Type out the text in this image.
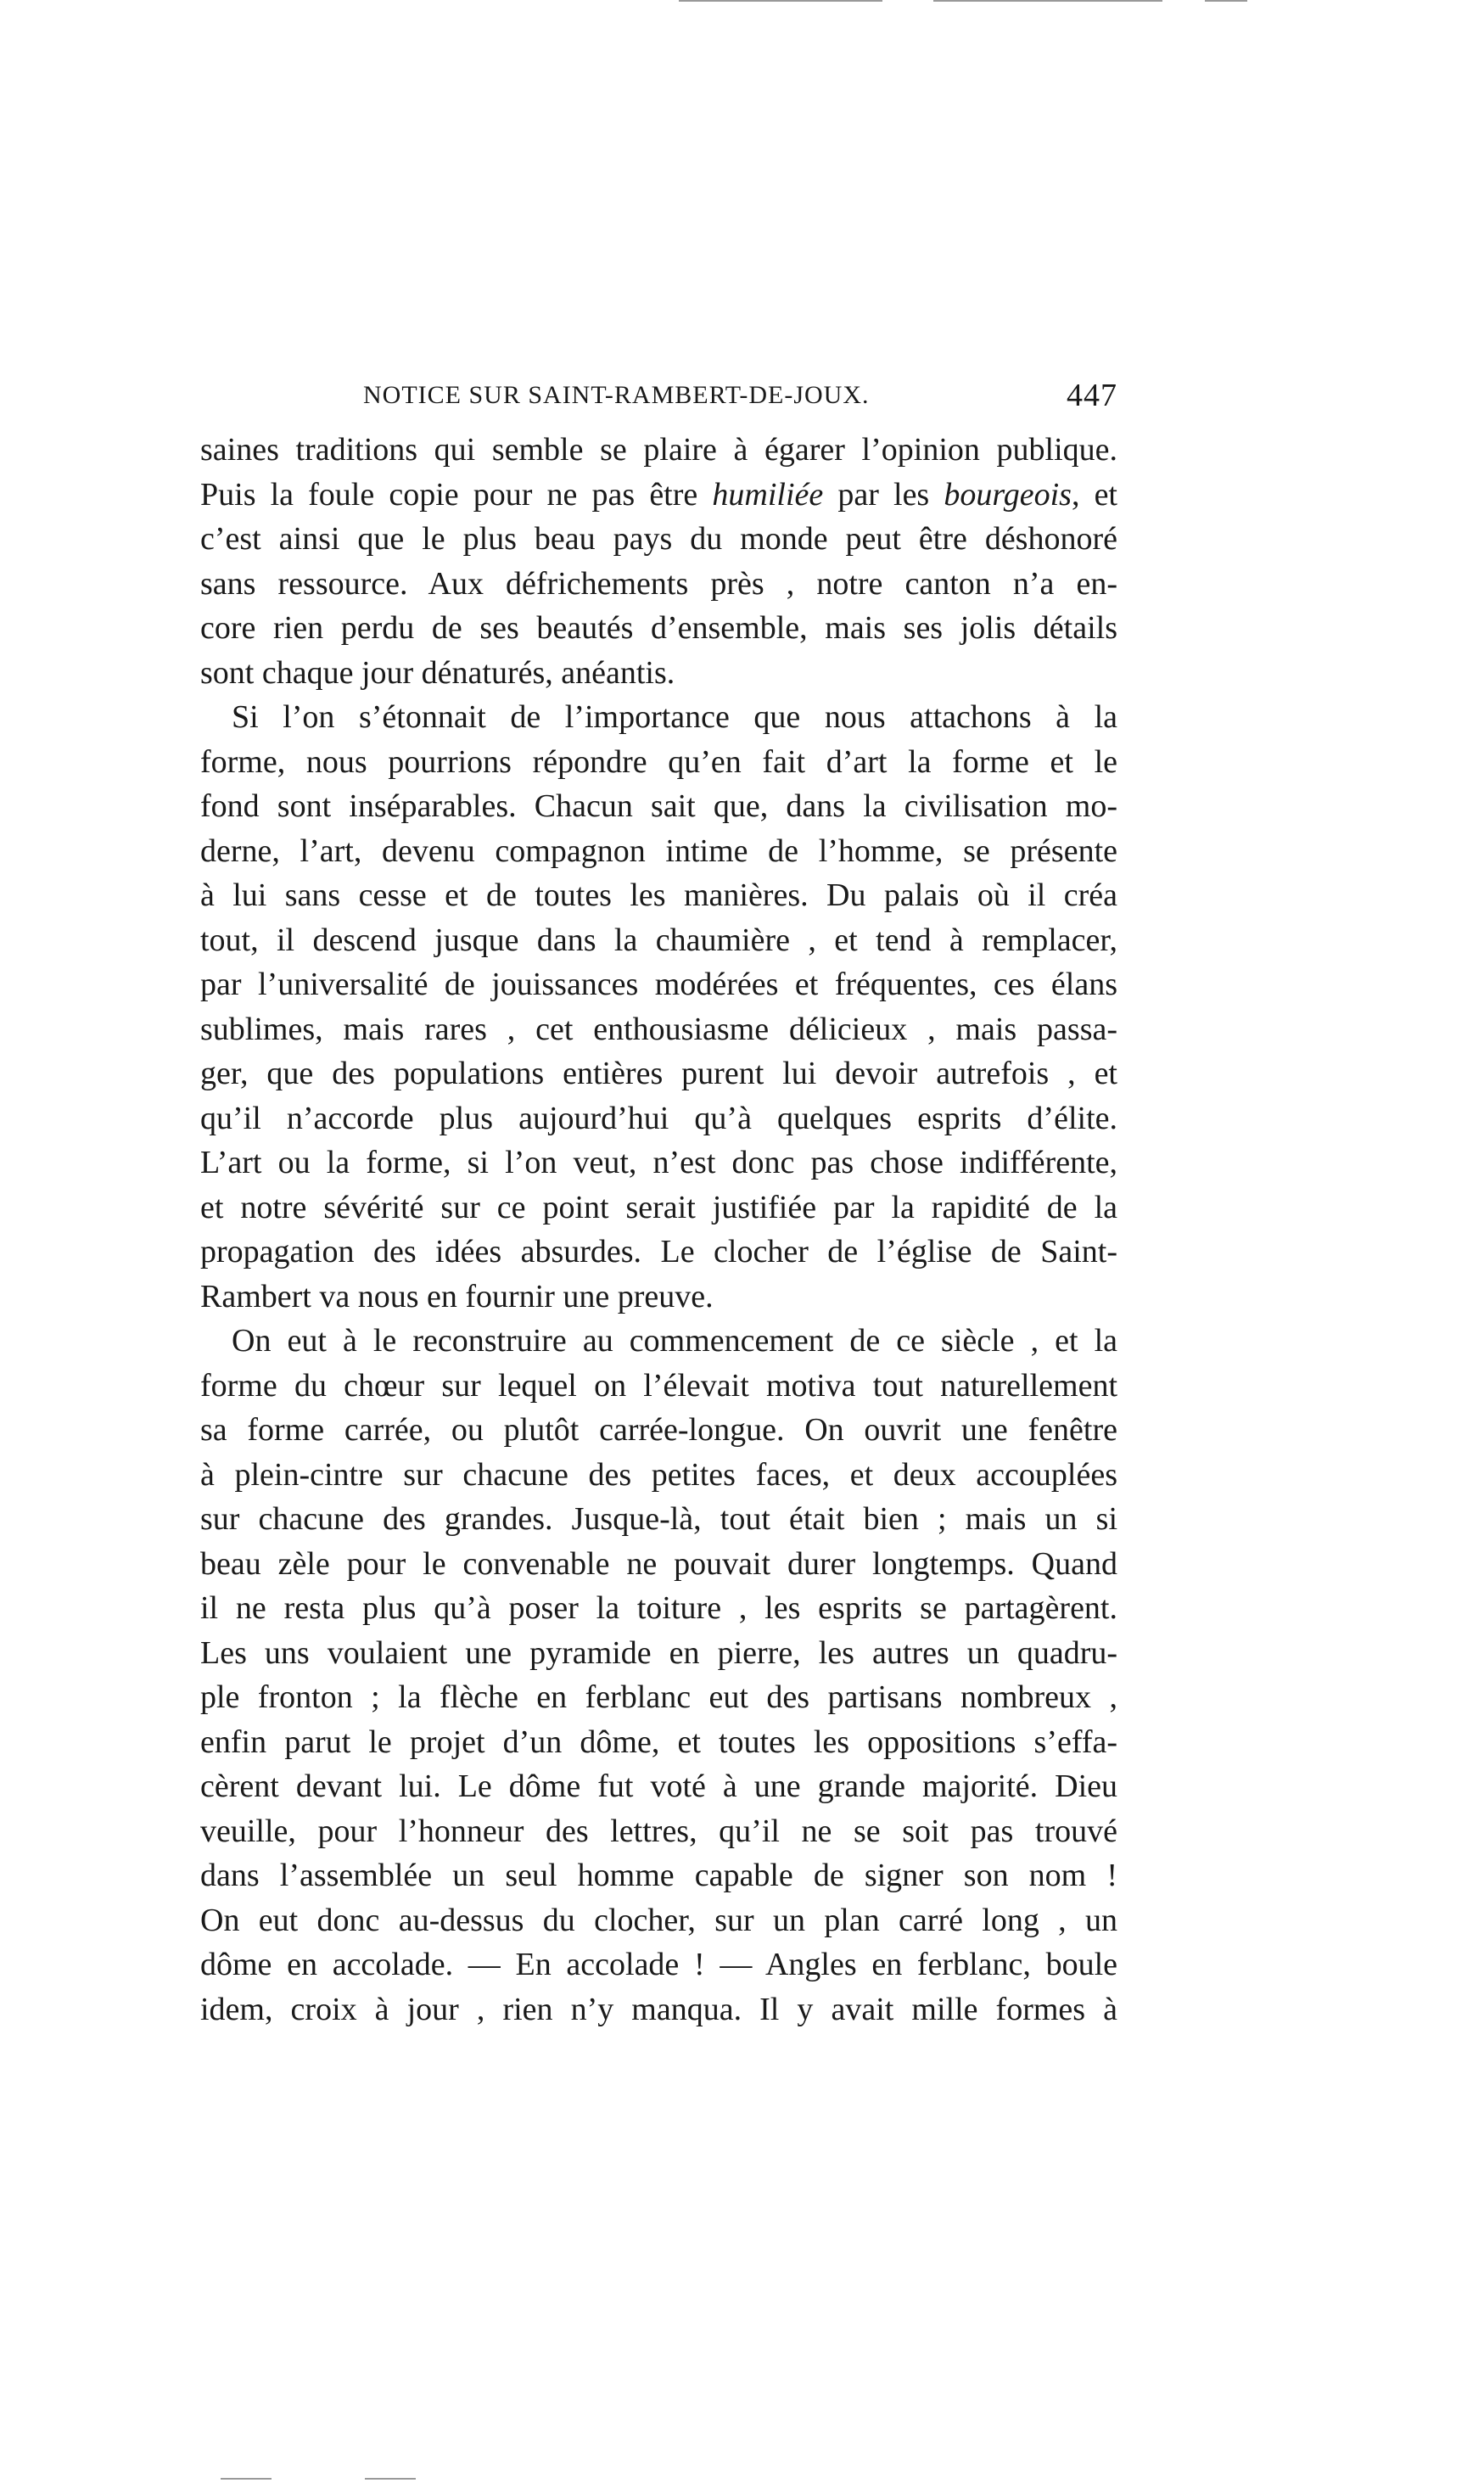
NOTICE SUR SAINT-RAMBERT-DE-JOUX.	447
saines traditions qui semble se plaire à égarer l’opinion publique.
Puis la foule copie pour ne pas être humiliée par les bourgeois, et
c’est ainsi que le plus beau pays du monde peut être déshonoré
sans ressource. Aux défrichements près , notre canton n’a en-
core rien perdu de ses beautés d’ensemble, mais ses jolis détails
sont chaque jour dénaturés, anéantis.
Si l’on s’étonnait de l’importance que nous attachons à la
forme, nous pourrions répondre qu’en fait d’art la forme et le
fond sont inséparables. Chacun sait que, dans la civilisation mo-
derne, l’art, devenu compagnon intime de l’homme, se présente
à lui sans cesse et de toutes les manières. Du palais où il créa
tout, il descend jusque dans la chaumière , et tend à remplacer,
par l’universalité de jouissances modérées et fréquentes, ces élans
sublimes, mais rares , cet enthousiasme délicieux , mais passa-
ger, que des populations entières purent lui devoir autrefois , et
qu’il n’accorde plus aujourd’hui qu’à quelques esprits d’élite.
L’art ou la forme, si l’on veut, n’est donc pas chose indifférente,
et notre sévérité sur ce point serait justifiée par la rapidité de la
propagation des idées absurdes. Le clocher de l’église de Saint-
Rambert va nous en fournir une preuve.
On eut à le reconstruire au commencement de ce siècle , et la
forme du chœur sur lequel on l’élevait motiva tout naturellement
sa forme carrée, ou plutôt carrée-longue. On ouvrit une fenêtre
à plein-cintre sur chacune des petites faces, et deux accouplées
sur chacune des grandes. Jusque-là, tout était bien ; mais un si
beau zèle pour le convenable ne pouvait durer longtemps. Quand
il ne resta plus qu’à poser la toiture , les esprits se partagèrent.
Les uns voulaient une pyramide en pierre, les autres un quadru-
ple fronton ; la flèche en ferblanc eut des partisans nombreux ,
enfin parut le projet d’un dôme, et toutes les oppositions s’effa-
cèrent devant lui. Le dôme fut voté à une grande majorité. Dieu
veuille, pour l’honneur des lettres, qu’il ne se soit pas trouvé
dans l’assemblée un seul homme capable de signer son nom !
On eut donc au-dessus du clocher, sur un plan carré long , un
dôme en accolade. — En accolade ! — Angles en ferblanc, boule
idem, croix à jour , rien n’y manqua. Il y avait mille formes à
